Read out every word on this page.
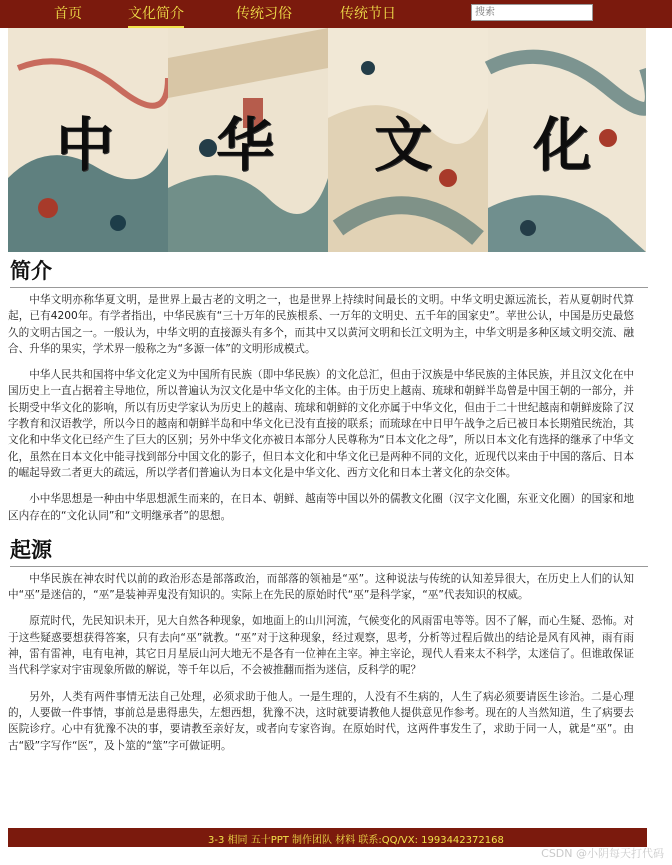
首页	文化简介	传统习俗	传统节日
搜索
中 华 文 化
简介

中华文明亦称华夏文明，是世界上最古老的文明之一，也是世界上持续时间最长的文明。中华文明史源远流长，若从夏朝时代算起，已有4200年。有学者指出，中华民族有“三十万年的民族根系、一万年的文明史、五千年的国家史”。苹世公认，中国是历史最悠久的文明古国之一。一般认为，中华文明的直接源头有多个，而其中又以黄河文明和长江文明为主，中华文明是多种区域文明交流、融合、升华的果实，学术界一般称之为“多源一体”的文明形成模式。

中华人民共和国将中华文化定义为中国所有民族（即中华民族）的文化总汇，但由于汉族是中华民族的主体民族，并且汉文化在中国历史上一直占据着主导地位，所以普遍认为汉文化是中华文化的主体。由于历史上越南、琉球和朝鲜半岛曾是中国王朝的一部分，并长期受中华文化的影响，所以有历史学家认为历史上的越南、琉球和朝鲜的文化亦属于中华文化，但由于二十世纪越南和朝鲜废除了汉字教育和汉语教学，所以今日的越南和朝鲜半岛和中华文化已没有直接的联系；而琉球在中日甲午战争之后已被日本长期殖民统治，其文化和中华文化已经产生了巨大的区别；另外中华文化亦被日本部分人民尊称为“日本文化之母”，所以日本文化有选择的继承了中华文化，虽然在日本文化中能寻找到部分中国文化的影子，但日本文化和中华文化已是两种不同的文化，近现代以来由于中国的落后、日本的崛起导致二者更大的疏远，所以学者们普遍认为日本文化是中华文化、西方文化和日本土著文化的杂交体。

小中华思想是一种由中华思想派生而来的，在日本、朝鲜、越南等中国以外的儒教文化圈（汉字文化圈，东亚文化圈）的国家和地区内存在的“文化认同”和“文明继承者”的思想。

起源

中华民族在神农时代以前的政治形态是部落政治，而部落的领袖是“巫”。这种说法与传统的认知差异很大，在历史上人们的认知中“巫”是迷信的，“巫”是装神弄鬼没有知识的。实际上在先民的原始时代“巫”是科学家，“巫”代表知识的权威。

原荒时代，先民知识未开，见大自然各种现象，如地面上的山川河流，气候变化的风雨雷电等等。因不了解，而心生疑、恐怖。对于这些疑惑要想获得答案，只有去向“巫”就教。“巫”对于这种现象，经过观察，思考，分析等过程后做出的结论是风有风神，雨有雨神，雷有雷神，电有电神，其它日月星辰山河大地无不是各有一位神在主宰。神主宰论，现代人看来太不科学，太迷信了。但谁敢保证当代科学家对宇宙现象所做的解说，等千年以后，不会被推翻而指为迷信，反科学的呢？

另外，人类有两件事情无法自己处理，必须求助于他人。一是生理的，人没有不生病的，人生了病必须要请医生诊治。二是心理的，人要做一件事情，事前总是患得患失，左想西想，犹豫不决，这时就要请教他人提供意见作参考。现在的人当然知道，生了病要去医院诊疗。心中有犹豫不决的事，要请教至亲好友，或者向专家咨询。在原始时代，这两件事发生了，求助于同一人，就是“巫”。由古“殹”字写作“医”，及卜筮的“筮”字可做证明。

3-3 相同 五十PPT 制作团队 材料 联系:QQ/VX: 1993442372168
CSDN @小阴每天打代码
